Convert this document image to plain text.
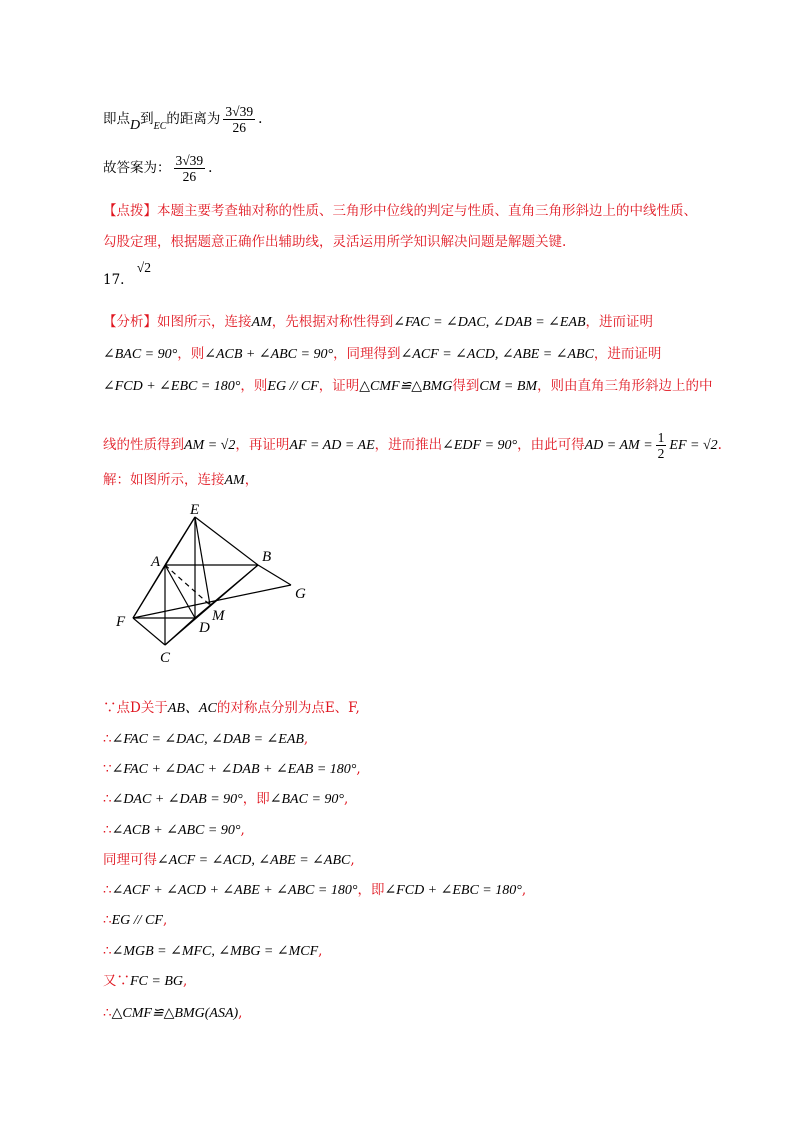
即点D到$_{EC}$的距离为 $\frac{3√39}{26}$ .
故答案为： $\frac{3√39}{26}$ .
【点拨】本题主要考查轴对称的性质、三角形中位线的判定与性质、直角三角形斜边上的中线性质、
勾股定理，根据题意正确作出辅助线，灵活运用所学知识解决问题是解题关键.
17. √2
【分析】如图所示，连接AM，先根据对称性得到∠FAC = ∠DAC, ∠DAB = ∠EAB，进而证明
∠BAC = 90°，则∠ACB + ∠ABC = 90°，同理得到∠ACF = ∠ACD, ∠ABE = ∠ABC，进而证明
∠FCD + ∠EBC = 180°，则EG // CF，证明△CMF≌△BMG得到CM = BM，则由直角三角形斜边上的中
线的性质得到AM = √2，再证明AF = AD = AE，进而推出∠EDF = 90°，由此可得AD = AM = $\frac{1}{2}$ EF = √2.
解：如图所示，连接AM，
E
A	B
G
F	M
D
C
∵点D关于AB、AC的对称点分别为点E、F,
∴∠FAC = ∠DAC, ∠DAB = ∠EAB,
∵∠FAC + ∠DAC + ∠DAB + ∠EAB = 180°,
∴∠DAC + ∠DAB = 90°，即∠BAC = 90°,
∴∠ACB + ∠ABC = 90°,
同理可得∠ACF = ∠ACD, ∠ABE = ∠ABC,
∴∠ACF + ∠ACD + ∠ABE + ∠ABC = 180°，即∠FCD + ∠EBC = 180°,
∴EG // CF,
∴∠MGB = ∠MFC, ∠MBG = ∠MCF,
又∵FC = BG,
∴△CMF≌△BMG(ASA),
